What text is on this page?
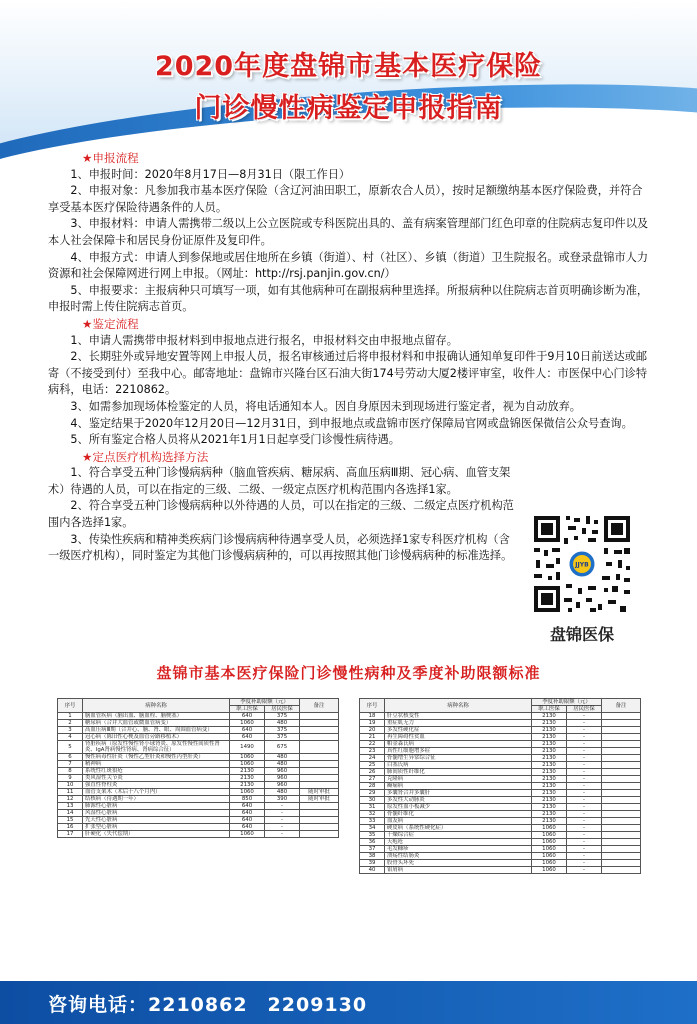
2020年度盘锦市基本医疗保险
门诊慢性病鉴定申报指南

★申报流程

1、申报时间：2020年8月17日—8月31日（限工作日）

2、申报对象：凡参加我市基本医疗保险（含辽河油田职工，原新农合人员），按时足额缴纳基本医疗保险费，并符合享受基本医疗保险待遇条件的人员。

3、申报材料：申请人需携带二级以上公立医院或专科医院出具的、盖有病案管理部门红色印章的住院病志复印件以及本人社会保障卡和居民身份证原件及复印件。

4、申报方式：申请人到参保地或居住地所在乡镇（街道）、村（社区）、乡镇（街道）卫生院报名。或登录盘锦市人力资源和社会保障网进行网上申报。（网址：http://rsj.panjin.gov.cn/）

5、申报要求：主报病种只可填写一项，如有其他病种可在副报病种里选择。所报病种以住院病志首页明确诊断为准，申报时需上传住院病志首页。

★鉴定流程

1、申请人需携带申报材料到申报地点进行报名，申报材料交由申报地点留存。

2、长期驻外或异地安置等网上申报人员，报名审核通过后将申报材料和申报确认通知单复印件于9月10日前送达或邮寄（不接受到付）至我中心。邮寄地址：盘锦市兴隆台区石油大街174号劳动大厦2楼评审室，收件人：市医保中心门诊特病科，电话：2210862。

3、如需参加现场体检鉴定的人员，将电话通知本人。因自身原因未到现场进行鉴定者，视为自动放弃。

4、鉴定结果于2020年12月20日—12月31日，到申报地点或盘锦市医疗保障局官网或盘锦医保微信公众号查询。

5、所有鉴定合格人员将从2021年1月1日起享受门诊慢性病待遇。

★定点医疗机构选择方法

1、符合享受五种门诊慢病病种（脑血管疾病、糖尿病、高血压病Ⅲ期、冠心病、血管支架术）待遇的人员，可以在指定的三级、二级、一级定点医疗机构范围内各选择1家。

2、符合享受五种门诊慢病病种以外待遇的人员，可以在指定的三级、二级定点医疗机构范围内各选择1家。

3、传染性疾病和精神类疾病门诊慢病病种待遇享受人员，必须选择1家专科医疗机构（含一级医疗机构），同时鉴定为其他门诊慢病病种的，可以再按照其他门诊慢病病种的标准选择。

JJYB
盘锦医保
盘锦市基本医疗保险门诊慢性病种及季度补助限额标准
序号	病种名称	季度补助限额（元）		备注
		职工医保	居民医保	
1	脑血管疾病（脑出血、脑血栓、脑梗塞）	640	375	
2	糖尿病（合并大血管或微血管病变）	1060	480	
3	高血压病Ⅲ期（合并心、脑、肾、眼、周围血管病变）	640	375	
4	冠心病（陈旧性心梗及血管旁路移植术）	640	375	
5	肾脏疾病（原发性慢性肾小球肾炎、原发性慢性间质性肾炎、IgA肾病慢性肾病、肾病综合征）	1490	675	
6	慢性病毒性肝炎（慢性乙型肝炎和慢性丙型肝炎）	1060	480	
7	精神病	1060	480	
8	系统性红斑狼疮	2130	960	
9	类风湿性关节炎	2130	960	
10	强直性脊柱炎	2130	960	
11	血管支架术（术后十八个月内）	1060	480	随时审批
12	结核病（待遇期一年）	850	390	随时审批
13	肺源性心脏病	640	-	
14	风湿性心脏病	640	-	
15	先天性心脏病	640	-	
16	扩张型心脏病	640	-	
17	肝硬化（失代偿期）	1060	-	
序号	病种名称	季度补助限额（元）		备注
		职工医保	居民医保	
18	肝豆状核变性	2130	-	
19	重症肌无力	2130	-	
20	多发性硬化症	2130	-	
21	再生障碍性贫血	2130	-	
22	帕金森氏病	2130	-	
23	真性红细胞增多症	2130	-	
24	骨髓增生异常综合征	2130	-	
25	白塞氏病	2130	-	
26	肺间质性纤维化	2130	-	
27	克隆病	2130	-	
28	癫痫病	2130	-	
29	多囊肾合并多囊肝	2130	-	
30	多发性大动脉炎	2130	-	
31	原发性血小板减少	2130	-	
32	骨髓纤维化	2130	-	
33	血友病	2130	-	
34	硬皮病（系统性硬化症）	1060	-	
35	干燥综合症	1060	-	
36	天疱疮	1060	-	
37	毛发糠疹	1060	-	
38	溃疡性结肠炎	1060	-	
39	股骨头坏死	1060	-	
40	银屑病	1060	-	
咨询电话：2210862　2209130
